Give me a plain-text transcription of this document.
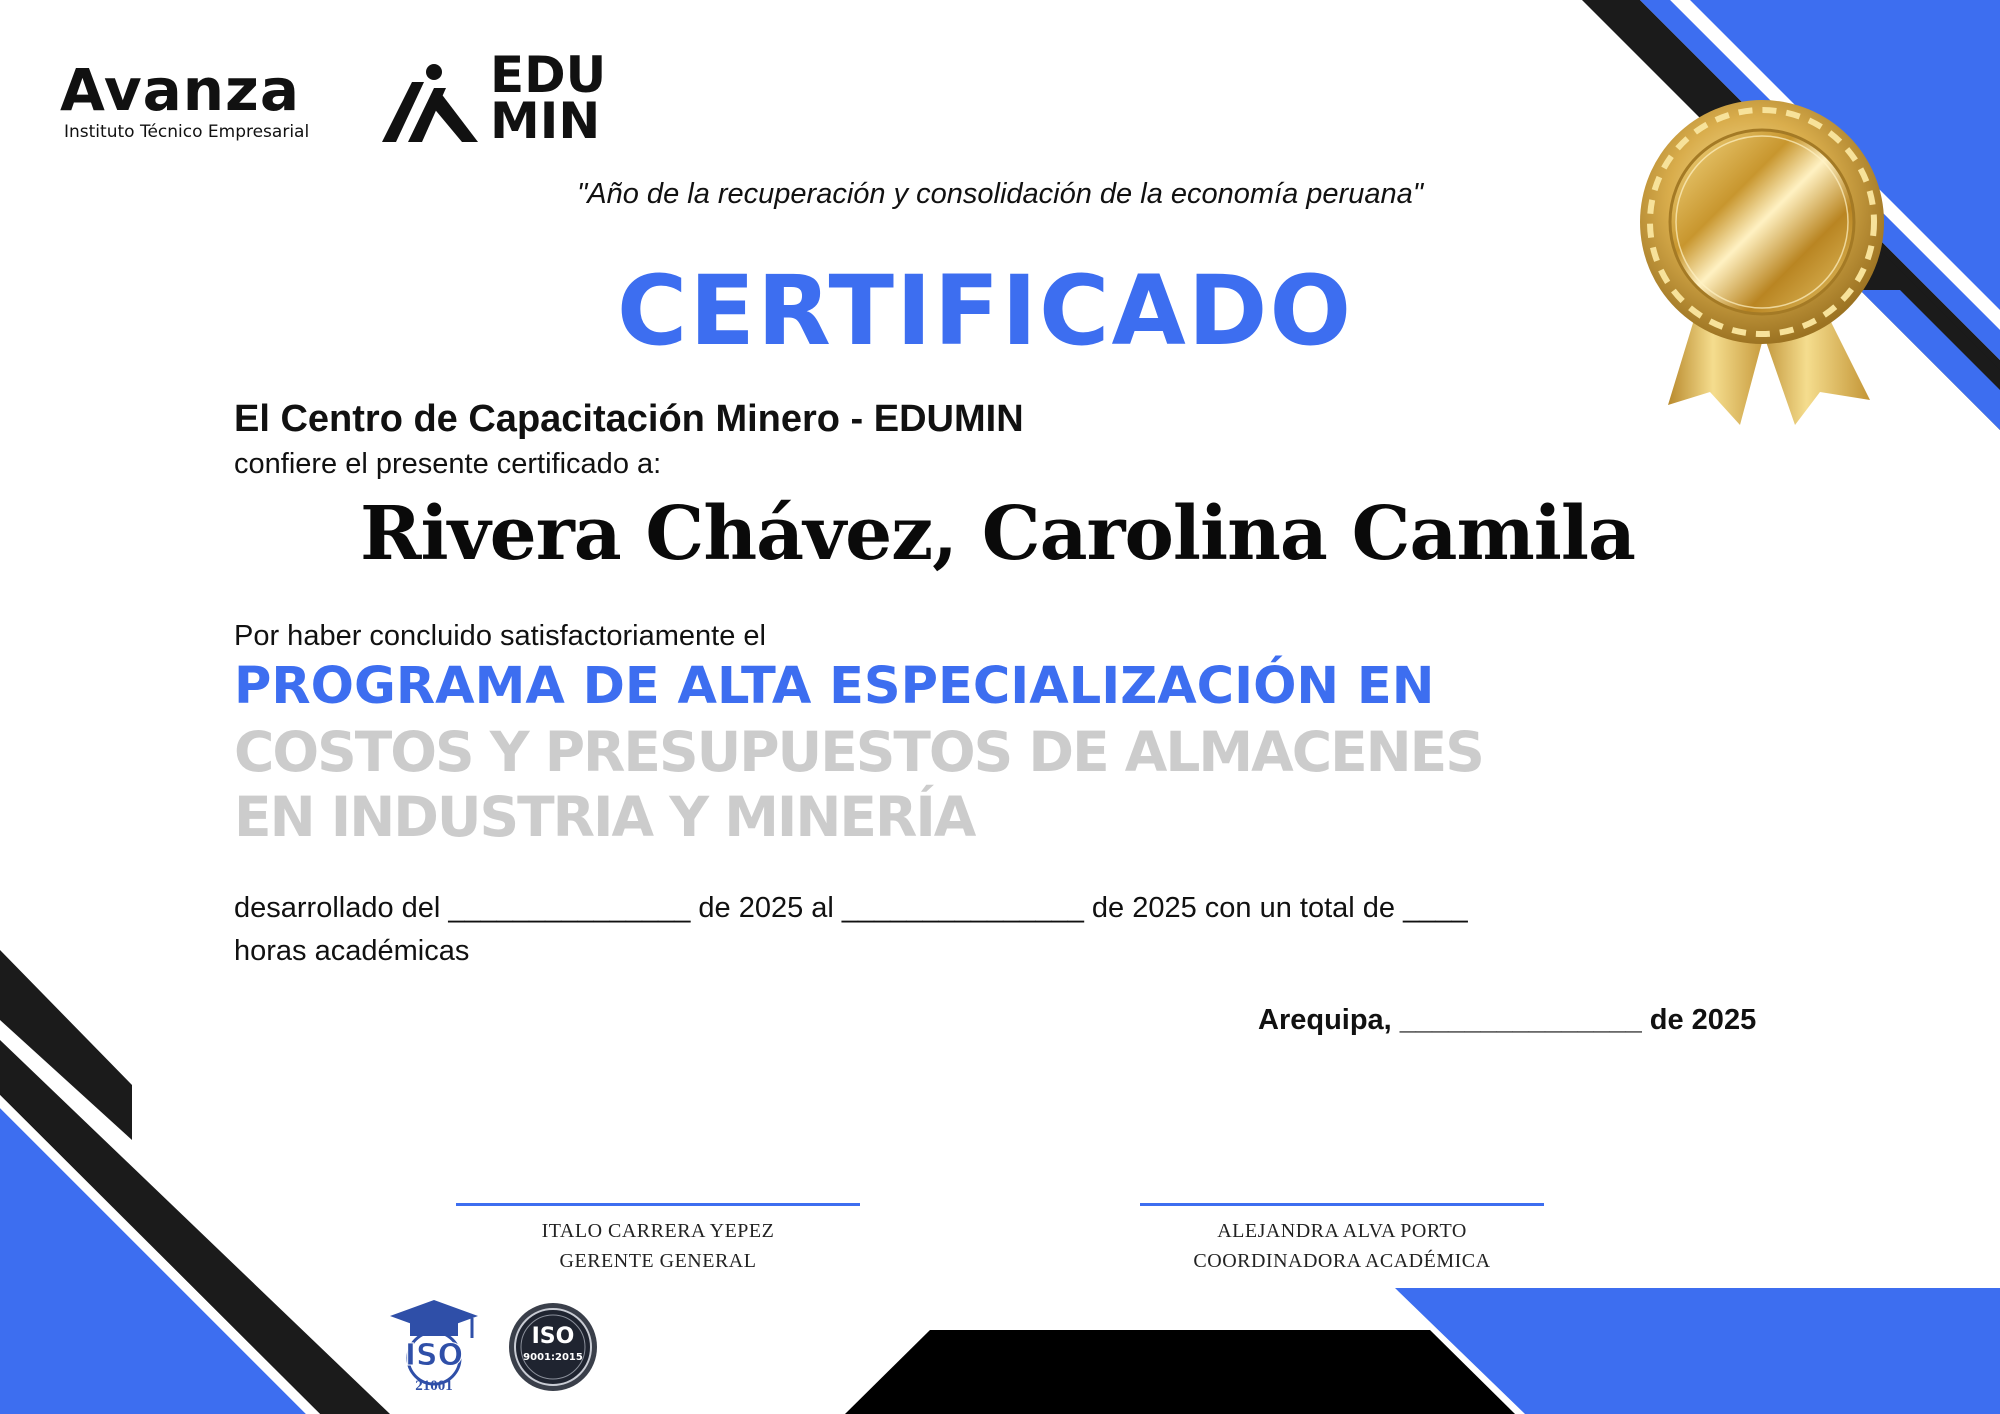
Avanza
Instituto Técnico Empresarial
EDU
MIN
"Año de la recuperación y consolidación de la economía peruana"
CERTIFICADO
El Centro de Capacitación Minero - EDUMIN
confiere el presente certificado a:
Rivera Chávez, Carolina Camila
Por haber concluido satisfactoriamente el
PROGRAMA DE ALTA ESPECIALIZACIÓN EN
COSTOS Y PRESUPUESTOS DE ALMACENES
EN INDUSTRIA Y MINERÍA
desarrollado del _______________ de 2025 al _______________ de 2025 con un total de ____
horas académicas
Arequipa, _______________ de 2025
ITALO CARRERA YEPEZ
GERENTE GENERAL
ALEJANDRA ALVA PORTO
COORDINADORA ACADÉMICA
ISO
21001
ISO
9001:2015
